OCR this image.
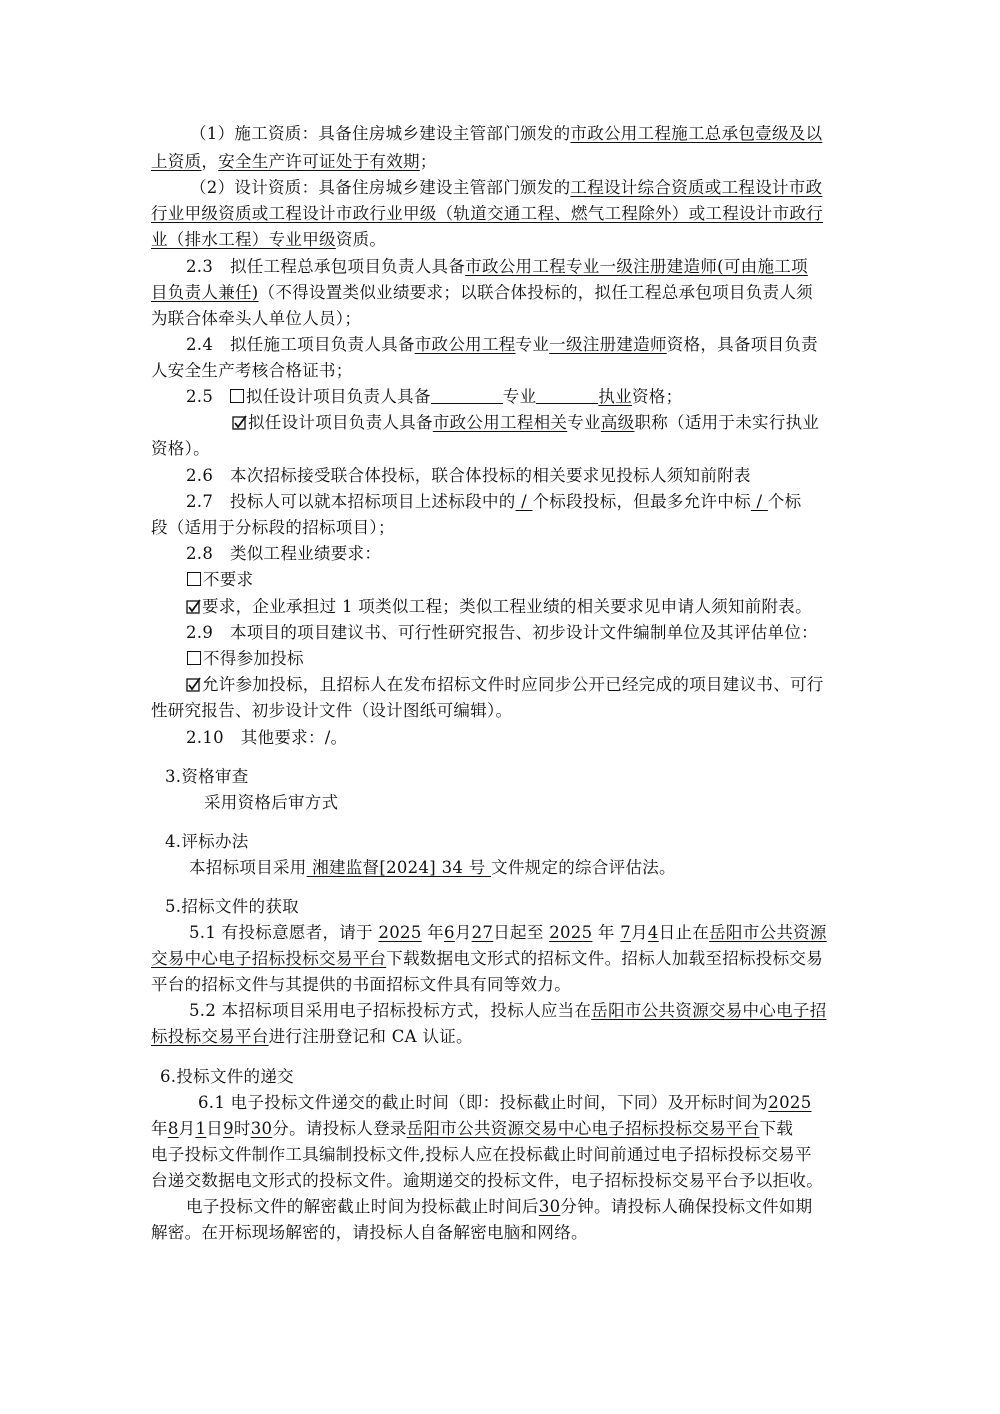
（1）施工资质：具备住房城乡建设主管部门颁发的市政公用工程施工总承包壹级及以
上资质，安全生产许可证处于有效期；
（2）设计资质：具备住房城乡建设主管部门颁发的工程设计综合资质或工程设计市政
行业甲级资质或工程设计市政行业甲级（轨道交通工程、燃气工程除外）或工程设计市政行
业（排水工程）专业甲级资质。
2.3　拟任工程总承包项目负责人具备市政公用工程专业一级注册建造师(可由施工项
目负责人兼任)（不得设置类似业绩要求；以联合体投标的，拟任工程总承包项目负责人须
为联合体牵头人单位人员）；
2.4　拟任施工项目负责人具备市政公用工程专业一级注册建造师资格，具备项目负责
人安全生产考核合格证书；
2.5　拟任设计项目负责人具备	专业	执业资格；
拟任设计项目负责人具备市政公用工程相关专业高级职称（适用于未实行执业
资格）。
2.6　本次招标接受联合体投标，联合体投标的相关要求见投标人须知前附表
2.7　投标人可以就本招标项目上述标段中的 / 个标段投标，但最多允许中标 / 个标
段（适用于分标段的招标项目）；
2.8　类似工程业绩要求：
不要求
要求，企业承担过 1 项类似工程；类似工程业绩的相关要求见申请人须知前附表。
2.9　本项目的项目建议书、可行性研究报告、初步设计文件编制单位及其评估单位：
不得参加投标
允许参加投标，且招标人在发布招标文件时应同步公开已经完成的项目建议书、可行
性研究报告、初步设计文件（设计图纸可编辑）。
2.10　其他要求：/。
3.资格审查
采用资格后审方式
4.评标办法
本招标项目采用 湘建监督[2024] 34 号 文件规定的综合评估法。
5.招标文件的获取
5.1 有投标意愿者，请于 2025 年6月27日起至 2025 年 7月4日止在岳阳市公共资源
交易中心电子招标投标交易平台下载数据电文形式的招标文件。招标人加载至招标投标交易
平台的招标文件与其提供的书面招标文件具有同等效力。
5.2 本招标项目采用电子招标投标方式，投标人应当在岳阳市公共资源交易中心电子招
标投标交易平台进行注册登记和 CA 认证。
6.投标文件的递交
6.1 电子投标文件递交的截止时间（即：投标截止时间，下同）及开标时间为2025
年8月1日9时30分。请投标人登录岳阳市公共资源交易中心电子招标投标交易平台下载
电子投标文件制作工具编制投标文件,投标人应在投标截止时间前通过电子招标投标交易平
台递交数据电文形式的投标文件。逾期递交的投标文件，电子招标投标交易平台予以拒收。
电子投标文件的解密截止时间为投标截止时间后30分钟。请投标人确保投标文件如期
解密。在开标现场解密的，请投标人自备解密电脑和网络。
